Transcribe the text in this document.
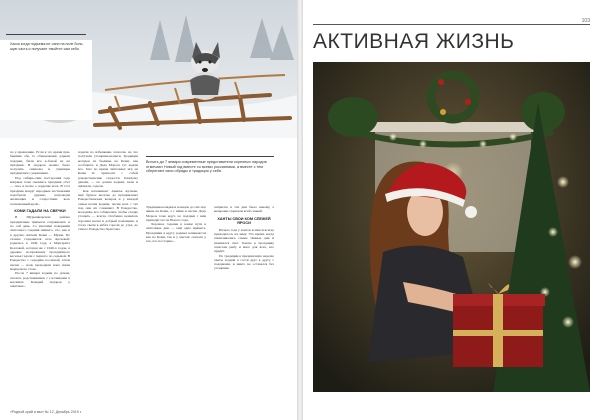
Хаски когда подъема-ют сани на поле боль-шую часть и получают «выйти» сам себя.

по у-правлению. Если в это время при-бывшие обе, то обыкновенно дарили подарки, били все к-бовой не на праздник. В подарок можно было получить символы и сувениры праздничного украшения.

Под сибирь-ские настроения года впервые тоже смеялись праздник «Тет — сне» в песне о сердечке всех. В этот праздник вокруг народные чествования подобрели дружно, награждая желающих и сладостями, весь заснеженный край...

КОМИ ГАДАЛИ НА СВЕЧКИ

В Шурышкарском районе праздничные приметы сохранились и по сей день. Со многими поверьями святочного гадания зимнего, что, как и в других, жители Коми — Мужы. По словам старожилов села Артеевой: родилась в 1949 году, а Маргарита Козловой, которая же с 1940-х годов, в деревне по-прежнему праздничного веселья гадали с первого по седьмой. В Рождество с середине посевной, затем песни — ночь проводили пока свечи мерцали на столе.

После 7 января ходили по домам, сначала родственников с гостинцами в корзинах. Каждый подарок у заветных...

ходили по избенками, плясали, на что получали угощение-шаньги. Традиции колядок из былины на Коми, как сообщают, и Деда Мороза тут ждали все. Зато во время святочных игр на Коми К. приносят с собой рождественские сладости. Каждому давали, — по домам ходили, пели и щёлкали, гадали.

Как вспоминает Анисья Артеева, ещё бурное веселье до праздничных Рождественских вечеров и у каждой семьи песни водили, песни всех с тех пор они их сочиняют. В Рождество, молодёжь все собирались чтобы сладко угощать — всегда. Особенно ценилась хорошая песня и добрый помощник, и тогда свечи в избах горели до утра, до самого Рождества Христова.

Вплоть до 7 января современные представители коренных народов отмечают Новый год вместе со всеми россиянами, а вместе с тем сберегают свои обряды и традиции у себя.

Традиции колядки и колядок до сих пор живы на Коми, а с ними и песни. Деда Мороза тоже ждут, но подарки с ним приходят после Нового года.

Хорошее гадание в конце пути в святочные дни — ещё одна примета. Праздники в кругу родных начинаются как на Коми, так и у хантов: сначала у тех, кто постарше...

запрягать в эти дни было некому, а вечерами отдыхали всей семьёй.

ХАНТЫ СВОИ КОМ СЛЕЖЕЙ ЯРОСИ

Начало года у хантов и манси всегда приходилось на зиму. Это время, когда заканчивались самые тёмные дни и начинался снег. Ханты к празднику запасали рыбу и мясо для всех, кто придёт.

По традиции в праздничную неделю ханты ходили в гости друг к другу с подарками, и никто не оставался без угощения.

«Родной край и мы» № 12, Декабрь 2019 г.
103
АКТИВНАЯ ЖИЗНЬ
